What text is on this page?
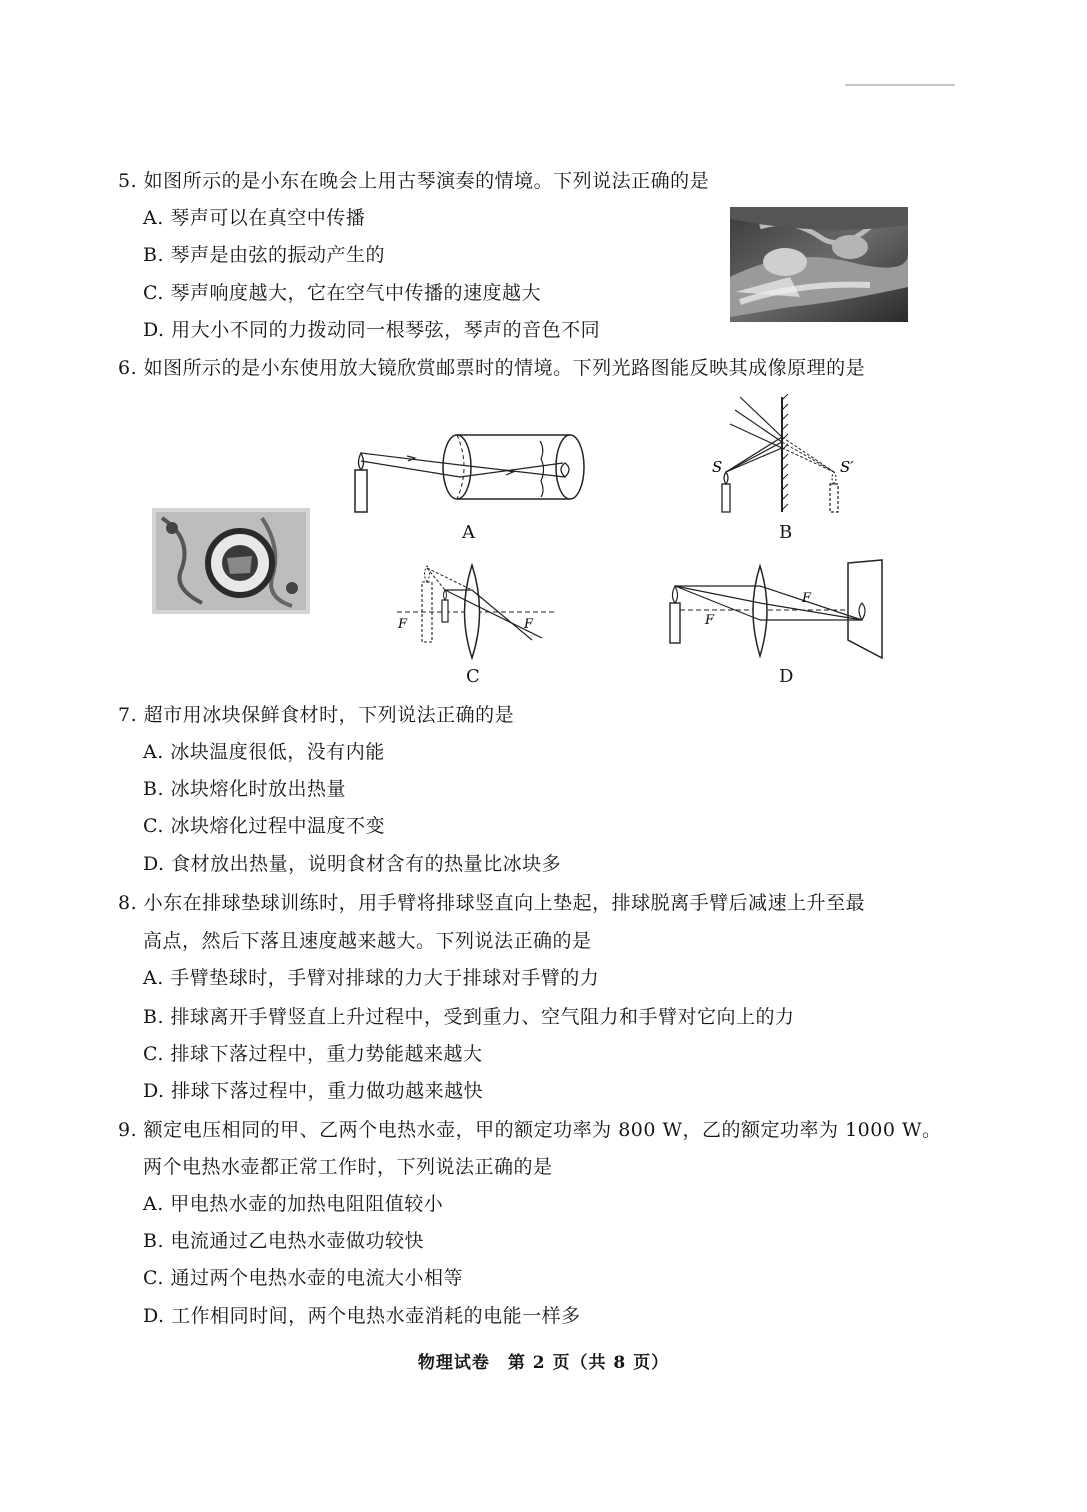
5. 如图所示的是小东在晚会上用古琴演奏的情境。下列说法正确的是
A. 琴声可以在真空中传播
B. 琴声是由弦的振动产生的
C. 琴声响度越大，它在空气中传播的速度越大
D. 用大小不同的力拨动同一根琴弦，琴声的音色不同
6. 如图所示的是小东使用放大镜欣赏邮票时的情境。下列光路图能反映其成像原理的是
A
S	S′
B
F	F
C
F
F
D
7. 超市用冰块保鲜食材时，下列说法正确的是
A. 冰块温度很低，没有内能
B. 冰块熔化时放出热量
C. 冰块熔化过程中温度不变
D. 食材放出热量，说明食材含有的热量比冰块多
8. 小东在排球垫球训练时，用手臂将排球竖直向上垫起，排球脱离手臂后减速上升至最
高点，然后下落且速度越来越大。下列说法正确的是
A. 手臂垫球时，手臂对排球的力大于排球对手臂的力
B. 排球离开手臂竖直上升过程中，受到重力、空气阻力和手臂对它向上的力
C. 排球下落过程中，重力势能越来越大
D. 排球下落过程中，重力做功越来越快
9. 额定电压相同的甲、乙两个电热水壶，甲的额定功率为 800 W，乙的额定功率为 1000 W。
两个电热水壶都正常工作时，下列说法正确的是
A. 甲电热水壶的加热电阻阻值较小
B. 电流通过乙电热水壶做功较快
C. 通过两个电热水壶的电流大小相等
D. 工作相同时间，两个电热水壶消耗的电能一样多
物理试卷　第 2 页（共 8 页）
